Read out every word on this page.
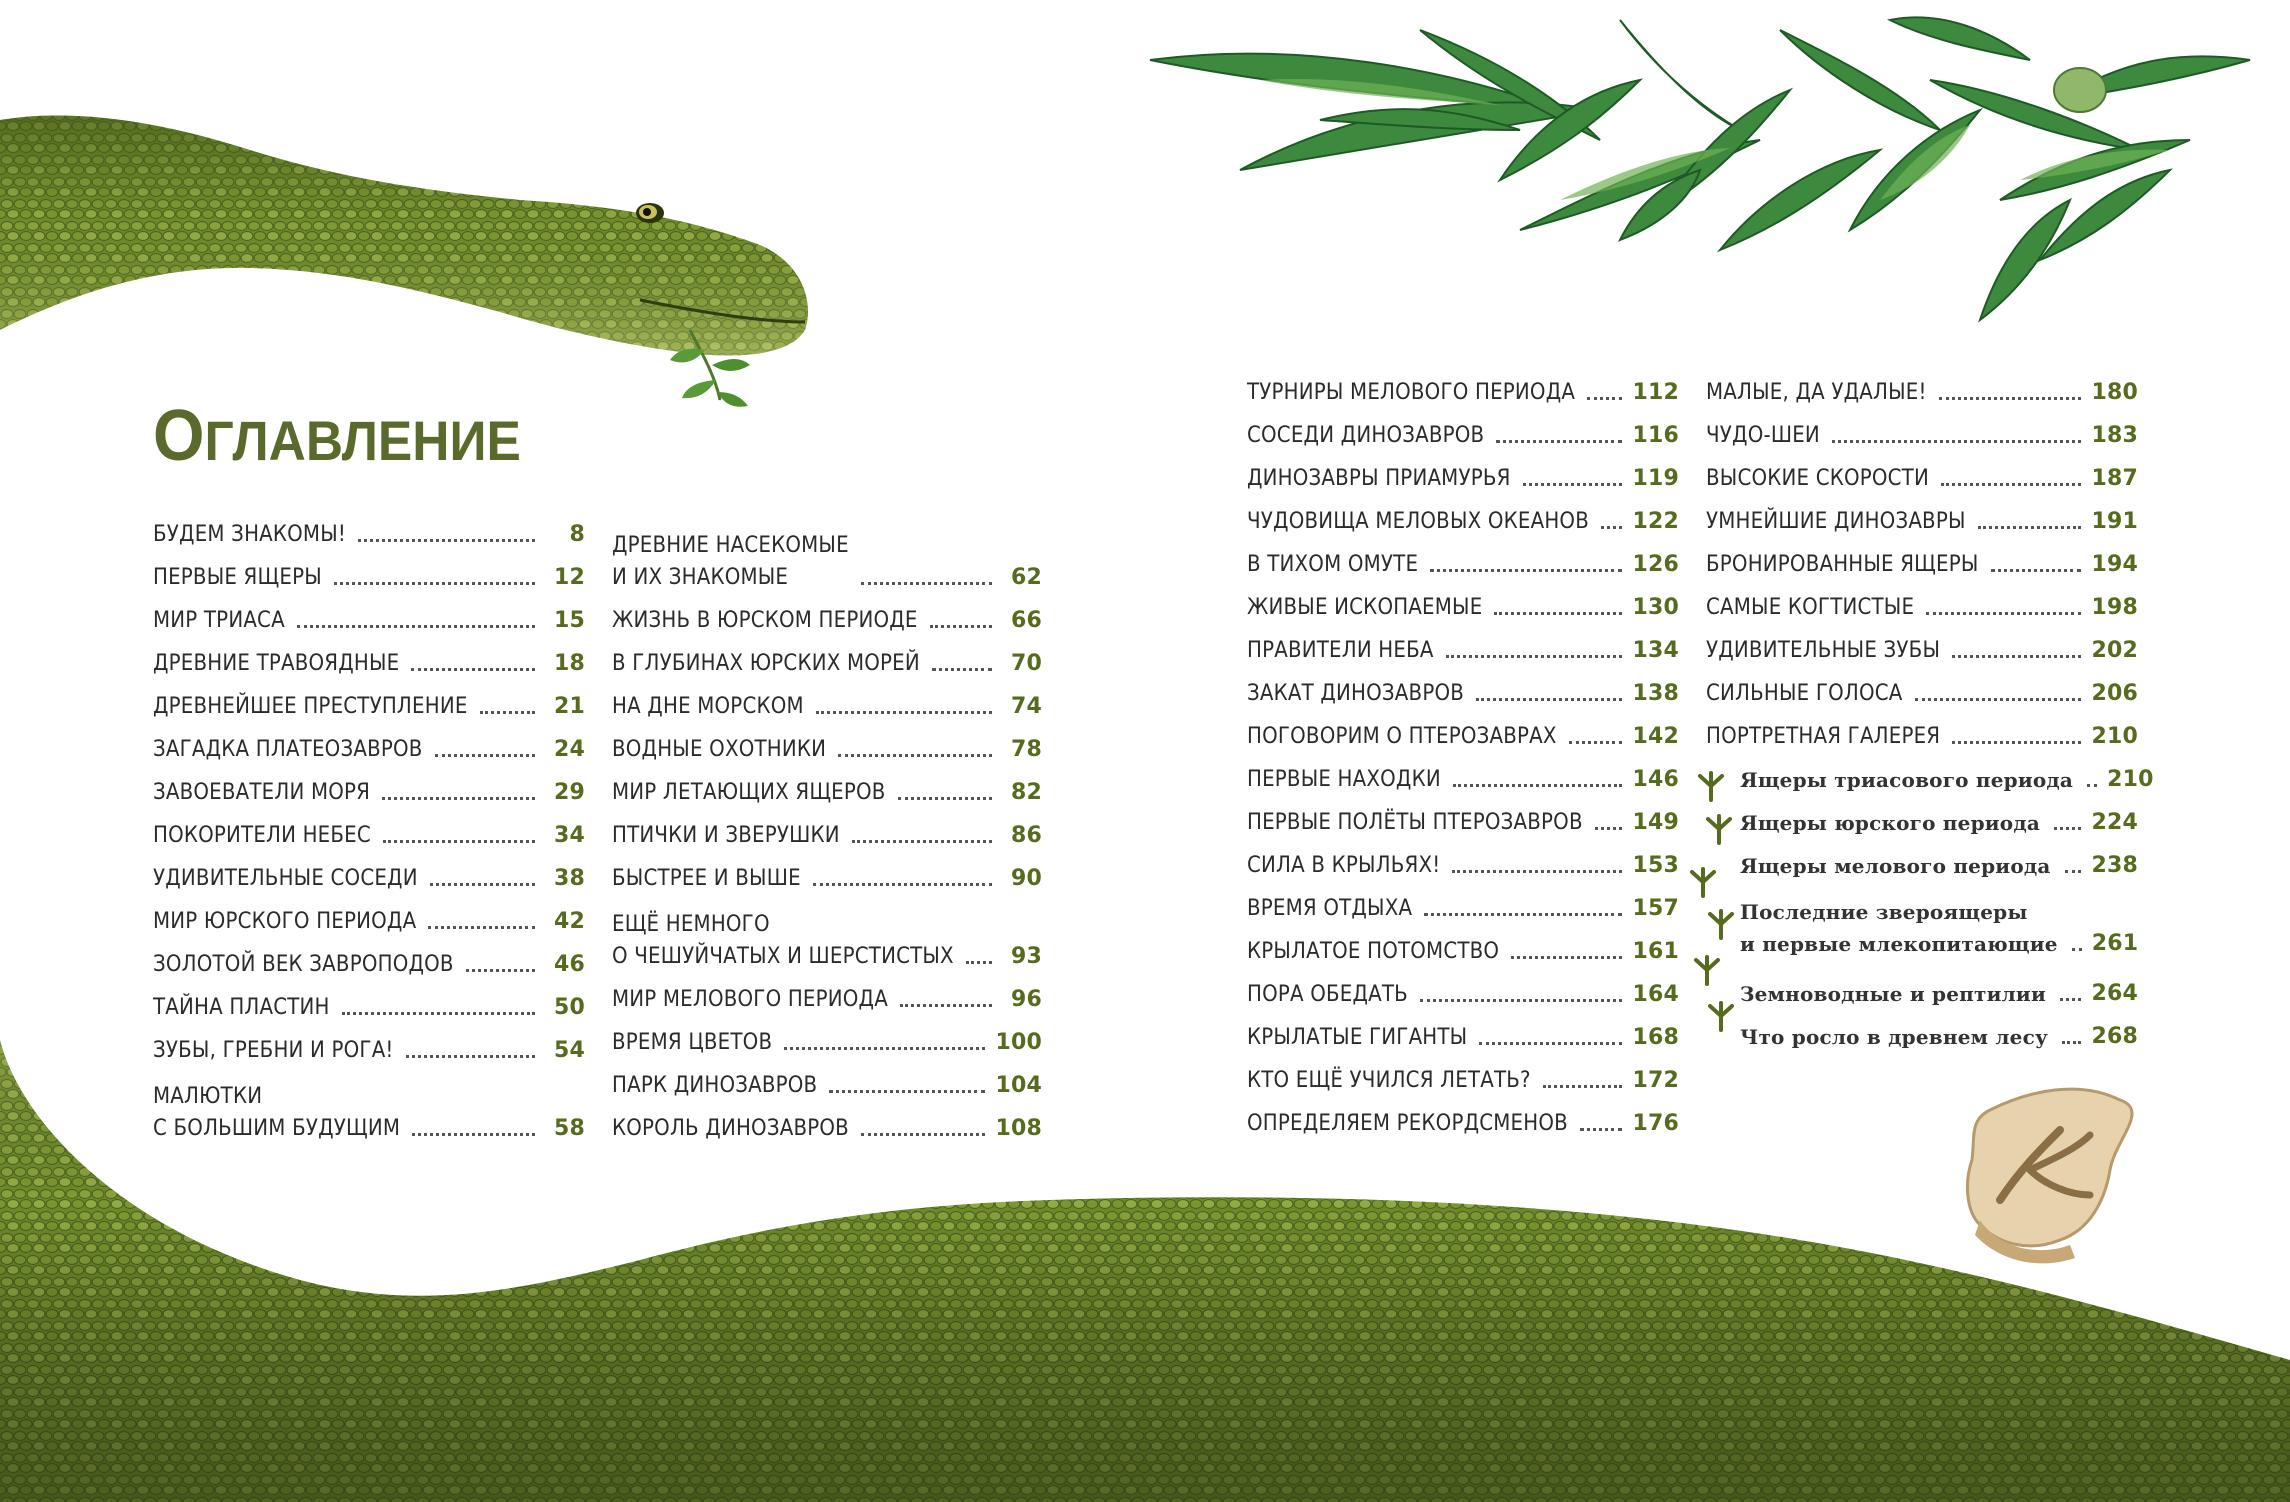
ОГЛАВЛЕНИЕ
БУДЕМ ЗНАКОМЫ!	8
ПЕРВЫЕ ЯЩЕРЫ	12
МИР ТРИАСА	15
ДРЕВНИЕ ТРАВОЯДНЫЕ	18
ДРЕВНЕЙШЕЕ ПРЕСТУПЛЕНИЕ	21
ЗАГАДКА ПЛАТЕОЗАВРОВ	24
ЗАВОЕВАТЕЛИ МОРЯ	29
ПОКОРИТЕЛИ НЕБЕС	34
УДИВИТЕЛЬНЫЕ СОСЕДИ	38
МИР ЮРСКОГО ПЕРИОДА	42
ЗОЛОТОЙ ВЕК ЗАВРОПОДОВ	46
ТАЙНА ПЛАСТИН	50
ЗУБЫ, ГРЕБНИ И РОГА!	54
МАЛЮТКИ
С БОЛЬШИМ БУДУЩИМ	58
ДРЕВНИЕ НАСЕКОМЫЕ
И ИХ ЗНАКОМЫЕ	62
ЖИЗНЬ В ЮРСКОМ ПЕРИОДЕ	66
В ГЛУБИНАХ ЮРСКИХ МОРЕЙ	70
НА ДНЕ МОРСКОМ	74
ВОДНЫЕ ОХОТНИКИ	78
МИР ЛЕТАЮЩИХ ЯЩЕРОВ	82
ПТИЧКИ И ЗВЕРУШКИ	86
БЫСТРЕЕ И ВЫШЕ	90
ЕЩЁ НЕМНОГО
О ЧЕШУЙЧАТЫХ И ШЕРСТИСТЫХ	93
МИР МЕЛОВОГО ПЕРИОДА	96
ВРЕМЯ ЦВЕТОВ	100
ПАРК ДИНОЗАВРОВ	104
КОРОЛЬ ДИНОЗАВРОВ	108
ТУРНИРЫ МЕЛОВОГО ПЕРИОДА	112
СОСЕДИ ДИНОЗАВРОВ	116
ДИНОЗАВРЫ ПРИАМУРЬЯ	119
ЧУДОВИЩА МЕЛОВЫХ ОКЕАНОВ 122
В ТИХОМ ОМУТЕ	126
ЖИВЫЕ ИСКОПАЕМЫЕ	130
ПРАВИТЕЛИ НЕБА	134
ЗАКАТ ДИНОЗАВРОВ	138
ПОГОВОРИМ О ПТЕРОЗАВРАХ	142
ПЕРВЫЕ НАХОДКИ	146
ПЕРВЫЕ ПОЛЁТЫ ПТЕРОЗАВРОВ 149
СИЛА В КРЫЛЬЯХ!	153
ВРЕМЯ ОТДЫХА	157
КРЫЛАТОЕ ПОТОМСТВО	161
ПОРА ОБЕДАТЬ	164
КРЫЛАТЫЕ ГИГАНТЫ	168
КТО ЕЩЁ УЧИЛСЯ ЛЕТАТЬ?	172
ОПРЕДЕЛЯЕМ РЕКОРДСМЕНОВ	176
МАЛЫЕ, ДА УДАЛЫЕ!	180
ЧУДО-ШЕИ	183
ВЫСОКИЕ СКОРОСТИ	187
УМНЕЙШИЕ ДИНОЗАВРЫ	191
БРОНИРОВАННЫЕ ЯЩЕРЫ	194
САМЫЕ КОГТИСТЫЕ	198
УДИВИТЕЛЬНЫЕ ЗУБЫ	202
СИЛЬНЫЕ ГОЛОСА	206
ПОРТРЕТНАЯ ГАЛЕРЕЯ	210
Ящеры триасового периода 210
Ящеры юрского периода 224
Ящеры мелового периода 238
Последние звероящеры
и первые млекопитающие 261
Земноводные и рептилии 264
Что росло в древнем лесу 268
